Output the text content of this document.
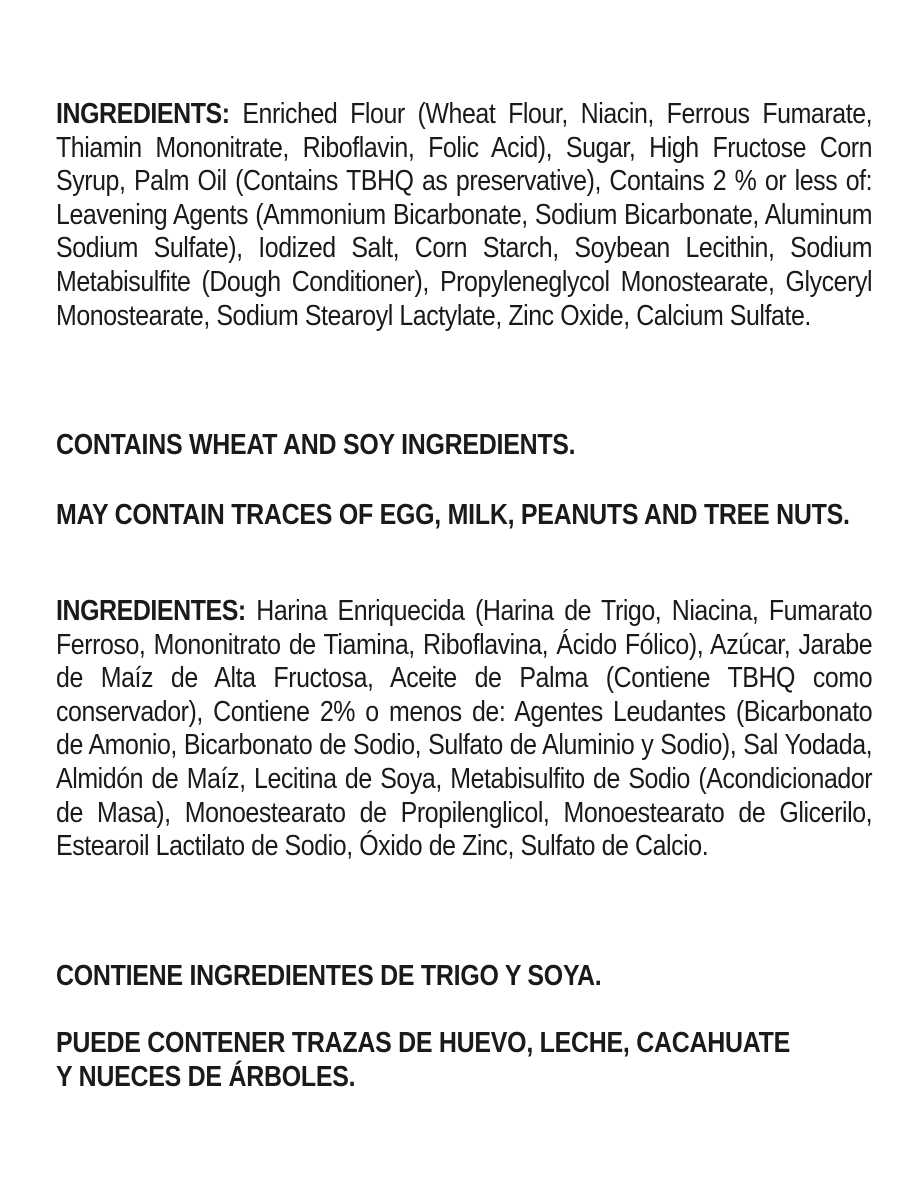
INGREDIENTS: Enriched Flour (Wheat Flour, Niacin, Ferrous Fumarate, Thiamin Mononitrate, Riboflavin, Folic Acid), Sugar, High Fructose Corn Syrup, Palm Oil (Contains TBHQ as preservative), Contains 2 % or less of: Leavening Agents (Ammonium Bicarbonate, Sodium Bicarbonate, Aluminum Sodium Sulfate), Iodized Salt, Corn Starch, Soybean Lecithin, Sodium Metabisulfite (Dough Conditioner), Propyleneglycol Monostearate, Glyceryl Monostearate, Sodium Stearoyl Lactylate, Zinc Oxide, Calcium Sulfate.
CONTAINS WHEAT AND SOY INGREDIENTS.
MAY CONTAIN TRACES OF EGG, MILK, PEANUTS AND TREE NUTS.
INGREDIENTES: Harina Enriquecida (Harina de Trigo, Niacina, Fumarato Ferroso, Mononitrato de Tiamina, Riboflavina, Ácido Fólico), Azúcar, Jarabe de Maíz de Alta Fructosa, Aceite de Palma (Contiene TBHQ como conservador), Contiene 2% o menos de: Agentes Leudantes (Bicarbonato de Amonio, Bicarbonato de Sodio, Sulfato de Aluminio y Sodio), Sal Yodada, Almidón de Maíz, Lecitina de Soya, Metabisulfito de Sodio (Acondicionador de Masa), Monoestearato de Propilenglicol, Monoestearato de Glicerilo, Estearoil Lactilato de Sodio, Óxido de Zinc, Sulfato de Calcio.
CONTIENE INGREDIENTES DE TRIGO Y SOYA.
PUEDE CONTENER TRAZAS DE HUEVO, LECHE, CACAHUATE
Y NUECES DE ÁRBOLES.
